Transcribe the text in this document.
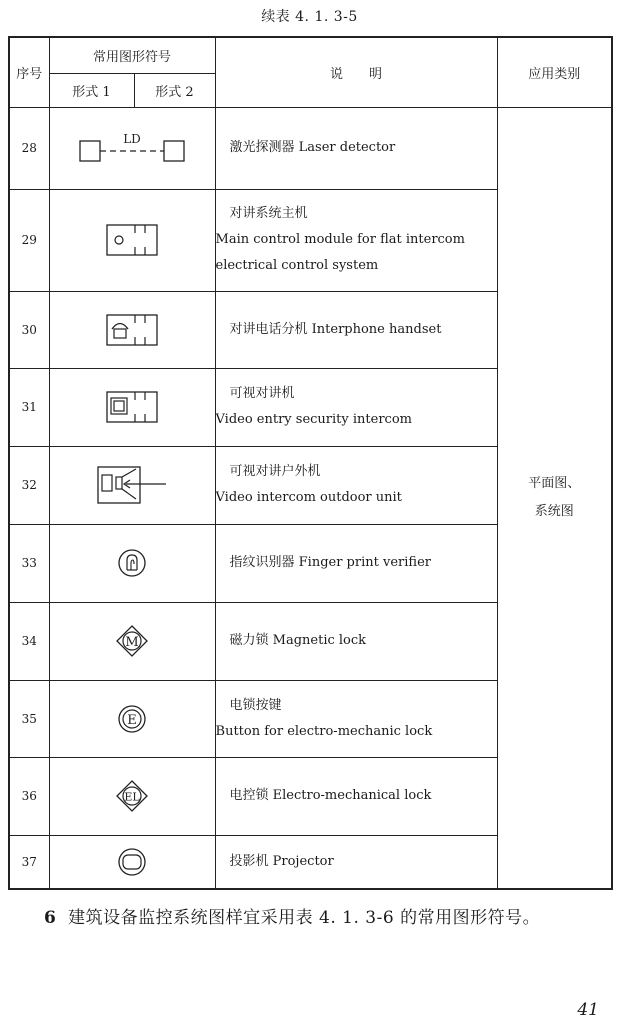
续表 4. 1. 3-5
序号	常用图形符号		说　　明	应用类别
	形式 1	形式 2		
28	LD		激光探测器 Laser detector	平面图、
系统图

29			对讲系统主机
Main control module for flat intercom
electrical control system	

30			对讲电话分机 Interphone handset	

31			可视对讲机
Video entry security intercom	

32			可视对讲户外机
Video intercom outdoor unit	

33			指纹识别器 Finger print verifier	

34	M		磁力锁 Magnetic lock	

35	E		电锁按键
Button for electro-mechanic lock	

36	EL		电控锁 Electro-mechanical lock	

37			投影机 Projector	
6 建筑设备监控系统图样宜采用表 4. 1. 3-6 的常用图形符号。
41
